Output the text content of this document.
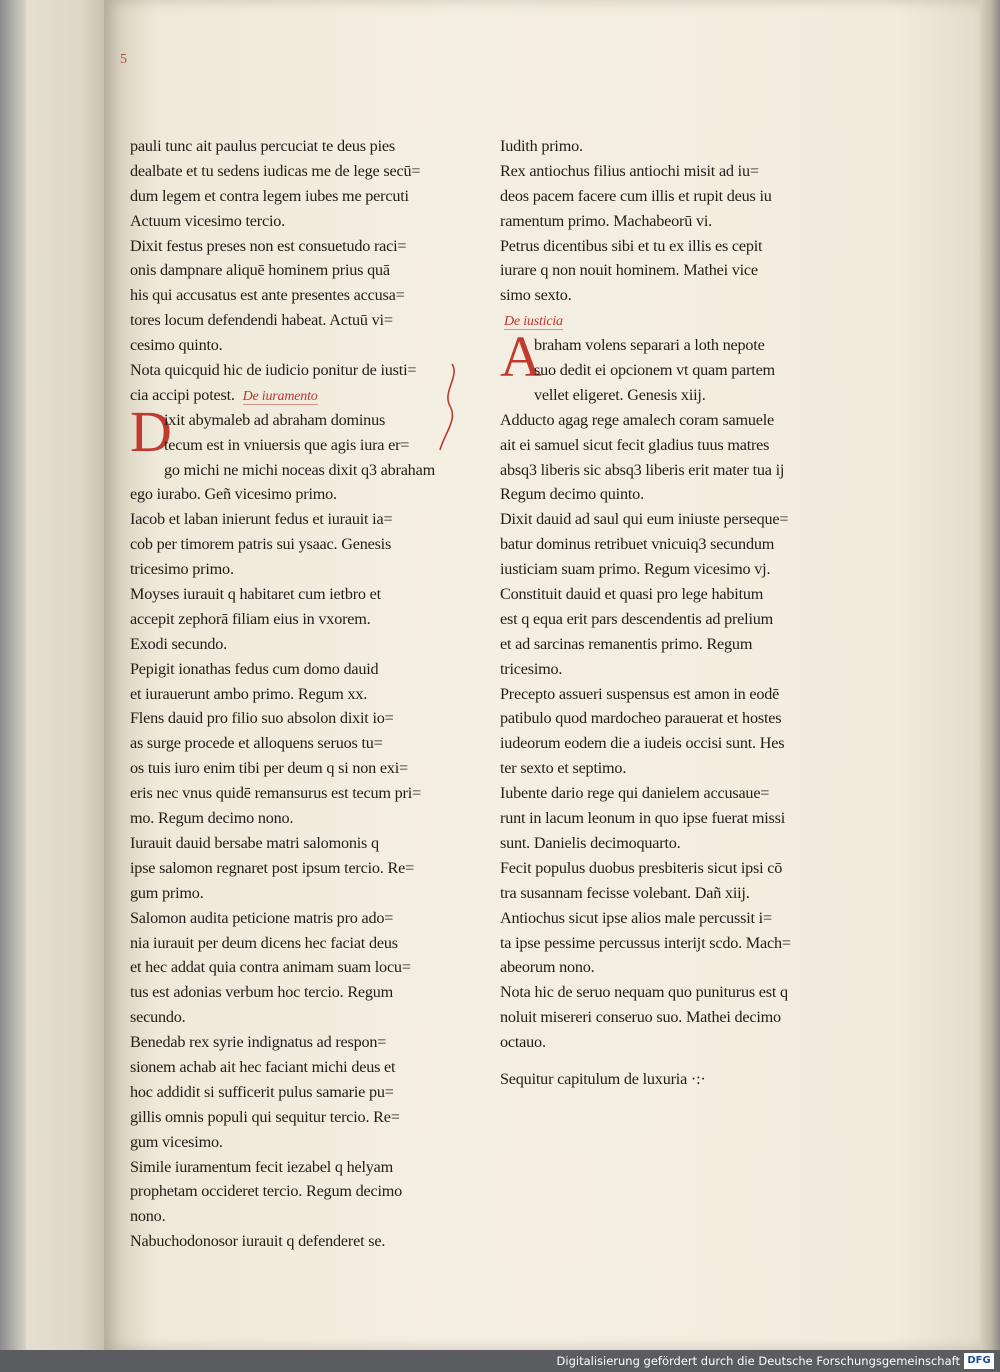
5
pauli tunc ait paulus percuciat te deus pies
dealbate et tu sedens iudicas me de lege secū=
dum legem et contra legem iubes me percuti
Actuum vicesimo tercio.
Dixit festus preses non est consuetudo raci=
onis dampnare aliquē hominem prius quā
his qui accusatus est ante presentes accusa=
tores locum defendendi habeat. Actuū vi=
cesimo quinto.
Nota quicquid hic de iudicio ponitur de iusti=
cia accipi potest. De iuramento
D
ixit abymaleb ad abraham dominus
tecum est in vniuersis que agis iura er=
go michi ne michi noceas dixit q3 abraham
ego iurabo. Geñ vicesimo primo.
Iacob et laban inierunt fedus et iurauit ia=
cob per timorem patris sui ysaac. Genesis
tricesimo primo.
Moyses iurauit q habitaret cum ietbro et
accepit zephorā filiam eius in vxorem.
Exodi secundo.
Pepigit ionathas fedus cum domo dauid
et iurauerunt ambo primo. Regum xx.
Flens dauid pro filio suo absolon dixit io=
as surge procede et alloquens seruos tu=
os tuis iuro enim tibi per deum q si non exi=
eris nec vnus quidē remansurus est tecum pri=
mo. Regum decimo nono.
Iurauit dauid bersabe matri salomonis q
ipse salomon regnaret post ipsum tercio. Re=
gum primo.
Salomon audita peticione matris pro ado=
nia iurauit per deum dicens hec faciat deus
et hec addat quia contra animam suam locu=
tus est adonias verbum hoc tercio. Regum
secundo.
Benedab rex syrie indignatus ad respon=
sionem achab ait hec faciant michi deus et
hoc addidit si sufficerit pulus samarie pu=
gillis omnis populi qui sequitur tercio. Re=
gum vicesimo.
Simile iuramentum fecit iezabel q helyam
prophetam occideret tercio. Regum decimo
nono.
Nabuchodonosor iurauit q defenderet se.
Iudith primo.
Rex antiochus filius antiochi misit ad iu=
deos pacem facere cum illis et rupit deus iu
ramentum primo. Machabeorū vi.
Petrus dicentibus sibi et tu ex illis es cepit
iurare q non nouit hominem. Mathei vice
simo sexto.
De iusticia
A
braham volens separari a loth nepote
suo dedit ei opcionem vt quam partem
vellet eligeret. Genesis xiij.
Adducto agag rege amalech coram samuele
ait ei samuel sicut fecit gladius tuus matres
absq3 liberis sic absq3 liberis erit mater tua ij
Regum decimo quinto.
Dixit dauid ad saul qui eum iniuste perseque=
batur dominus retribuet vnicuiq3 secundum
iusticiam suam primo. Regum vicesimo vj.
Constituit dauid et quasi pro lege habitum
est q equa erit pars descendentis ad prelium
et ad sarcinas remanentis primo. Regum
tricesimo.
Precepto assueri suspensus est amon in eodē
patibulo quod mardocheo parauerat et hostes
iudeorum eodem die a iudeis occisi sunt. Hes
ter sexto et septimo.
Iubente dario rege qui danielem accusaue=
runt in lacum leonum in quo ipse fuerat missi
sunt. Danielis decimoquarto.
Fecit populus duobus presbiteris sicut ipsi cō
tra susannam fecisse volebant. Dañ xiij.
Antiochus sicut ipse alios male percussit i=
ta ipse pessime percussus interijt scdo. Mach=
abeorum nono.
Nota hic de seruo nequam quo puniturus est q
noluit misereri conseruo suo. Mathei decimo
octauo.
Sequitur capitulum de luxuria ·:·
Digitalisierung gefördert durch die Deutsche Forschungsgemeinschaft DFG
